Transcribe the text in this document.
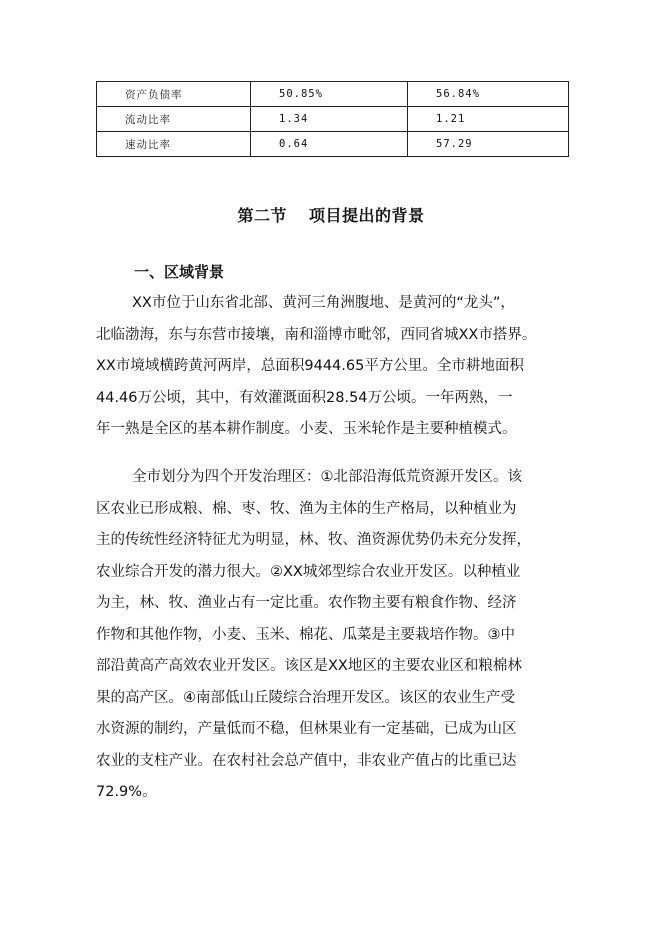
资产负债率	50.85%	56.84%
流动比率	1.34	1.21
速动比率	0.64	57.29
第二节 项目提出的背景
一、区域背景
XX市位于山东省北部、黄河三角洲腹地、是黄河的“龙头”，
北临渤海，东与东营市接壤，南和淄博市毗邻，西同省城XX市搭界。
XX市境域横跨黄河两岸，总面积9444.65平方公里。全市耕地面积
44.46万公顷，其中，有效灌溉面积28.54万公顷。一年两熟，一
年一熟是全区的基本耕作制度。小麦、玉米轮作是主要种植模式。
全市划分为四个开发治理区：①北部沿海低荒资源开发区。该
区农业已形成粮、棉、枣、牧、渔为主体的生产格局，以种植业为
主的传统性经济特征尤为明显，林、牧、渔资源优势仍未充分发挥，
农业综合开发的潜力很大。②XX城郊型综合农业开发区。以种植业
为主，林、牧、渔业占有一定比重。农作物主要有粮食作物、经济
作物和其他作物，小麦、玉米、棉花、瓜菜是主要栽培作物。③中
部沿黄高产高效农业开发区。该区是XX地区的主要农业区和粮棉林
果的高产区。④南部低山丘陵综合治理开发区。该区的农业生产受
水资源的制约，产量低而不稳，但林果业有一定基础，已成为山区
农业的支柱产业。在农村社会总产值中，非农业产值占的比重已达
72.9%。
